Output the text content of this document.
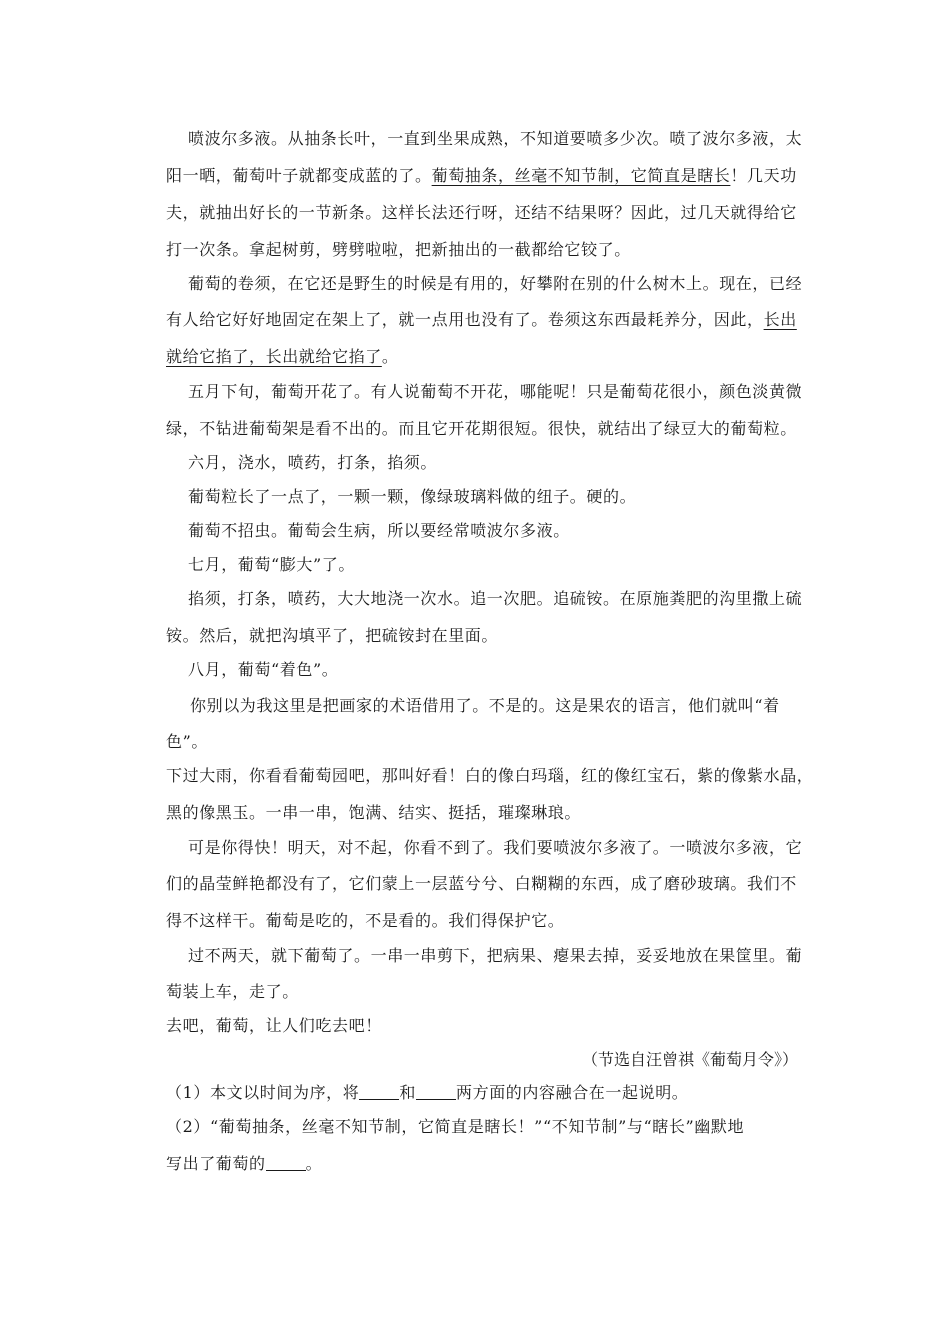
喷波尔多液。从抽条长叶，一直到坐果成熟，不知道要喷多少次。喷了波尔多液，太
阳一晒，葡萄叶子就都变成蓝的了。葡萄抽条，丝毫不知节制，它简直是瞎长！几天功
夫，就抽出好长的一节新条。这样长法还行呀，还结不结果呀？因此，过几天就得给它
打一次条。拿起树剪，劈劈啦啦，把新抽出的一截都给它铰了。
葡萄的卷须，在它还是野生的时候是有用的，好攀附在别的什么树木上。现在，已经
有人给它好好地固定在架上了，就一点用也没有了。卷须这东西最耗养分，因此，长出
就给它掐了，长出就给它掐了。
五月下旬，葡萄开花了。有人说葡萄不开花，哪能呢！只是葡萄花很小，颜色淡黄微
绿，不钻进葡萄架是看不出的。而且它开花期很短。很快，就结出了绿豆大的葡萄粒。
六月，浇水，喷药，打条，掐须。
葡萄粒长了一点了，一颗一颗，像绿玻璃料做的纽子。硬的。
葡萄不招虫。葡萄会生病，所以要经常喷波尔多液。
七月，葡萄“膨大”了。
掐须，打条，喷药，大大地浇一次水。追一次肥。追硫铵。在原施粪肥的沟里撒上硫
铵。然后，就把沟填平了，把硫铵封在里面。
八月，葡萄“着色”。
你别以为我这里是把画家的术语借用了。不是的。这是果农的语言，他们就叫“着
色”。
下过大雨，你看看葡萄园吧，那叫好看！白的像白玛瑙，红的像红宝石，紫的像紫水晶，
黑的像黑玉。一串一串，饱满、结实、挺括，璀璨琳琅。
可是你得快！明天，对不起，你看不到了。我们要喷波尔多液了。一喷波尔多液，它
们的晶莹鲜艳都没有了，它们蒙上一层蓝兮兮、白糊糊的东西，成了磨砂玻璃。我们不
得不这样干。葡萄是吃的，不是看的。我们得保护它。
过不两天，就下葡萄了。一串一串剪下，把病果、瘪果去掉，妥妥地放在果筐里。葡
萄装上车，走了。
去吧，葡萄，让人们吃去吧！
（节选自汪曾祺《葡萄月令》）
（1）本文以时间为序，将	和	两方面的内容融合在一起说明。
（2）“葡萄抽条，丝毫不知节制，它简直是瞎长！”“不知节制”与“瞎长”幽默地
写出了葡萄的	。
